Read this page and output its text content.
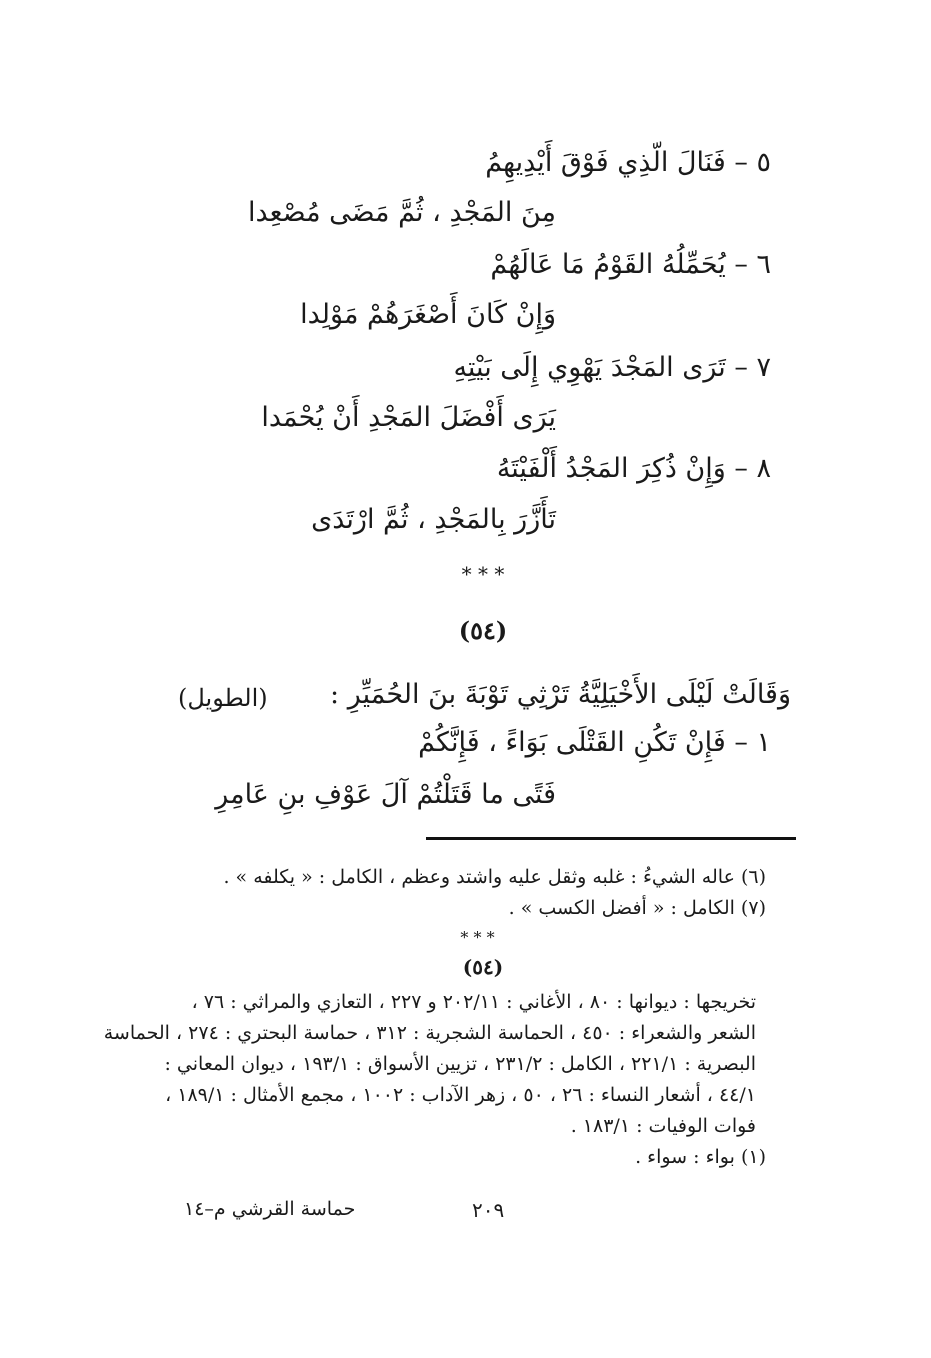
٥ – فَنَالَ الّذِي فَوْقَ أَيْدِيهِمُ
مِنَ المَجْدِ ، ثُمَّ مَضَى مُصْعِدا
٦ – يُحَمِّلُهُ القَوْمُ مَا عَالَهُمْ
وَإِنْ كَانَ أَصْغَرَهُمْ مَوْلِدا
٧ – تَرَى المَجْدَ يَهْوِي إِلَى بَيْتِهِ
يَرَى أَفْضَلَ المَجْدِ أَنْ يُحْمَدا
٨ – وَإِنْ ذُكِرَ المَجْدُ أَلْفَيْتَهُ
تَأَزَّرَ بِالمَجْدِ ، ثُمَّ ارْتَدَى
* * *
(٥٤)
وَقَالَتْ لَيْلَى الأَخْيَلِيَّةُ تَرْثِي تَوْبَةَ بنَ الحُمَيِّرِ :
(الطويل)
١ – فَإِنْ تَكُنِ القَتْلَى بَوَاءً ، فَإِنَّكُمْ
فَتًى ما قَتَلْتُمْ آلَ عَوْفِ بنِ عَامِرِ
(٦) عاله الشيءُ : غلبه وثقل عليه واشتد وعظم ، الكامل : « يكلفه » .
(٧) الكامل : « أفضل الكسب » .
* * *
(٥٤)
تخريجها : ديوانها : ٨٠ ، الأغاني : ٢٠٢/١١ و ٢٢٧ ، التعازي والمراثي : ٧٦ ،
الشعر والشعراء : ٤٥٠ ، الحماسة الشجرية : ٣١٢ ، حماسة البحتري : ٢٧٤ ، الحماسة
البصرية : ٢٢١/١ ، الكامل : ٢٣١/٢ ، تزيين الأسواق : ١٩٣/١ ، ديوان المعاني :
٤٤/١ ، أشعار النساء : ٢٦ ، ٥٠ ، زهر الآداب : ١٠٠٢ ، مجمع الأمثال : ١٨٩/١ ،
فوات الوفيات : ١٨٣/١ .
(١) بواء : سواء .
٢٠٩
حماسة القرشي م–١٤
